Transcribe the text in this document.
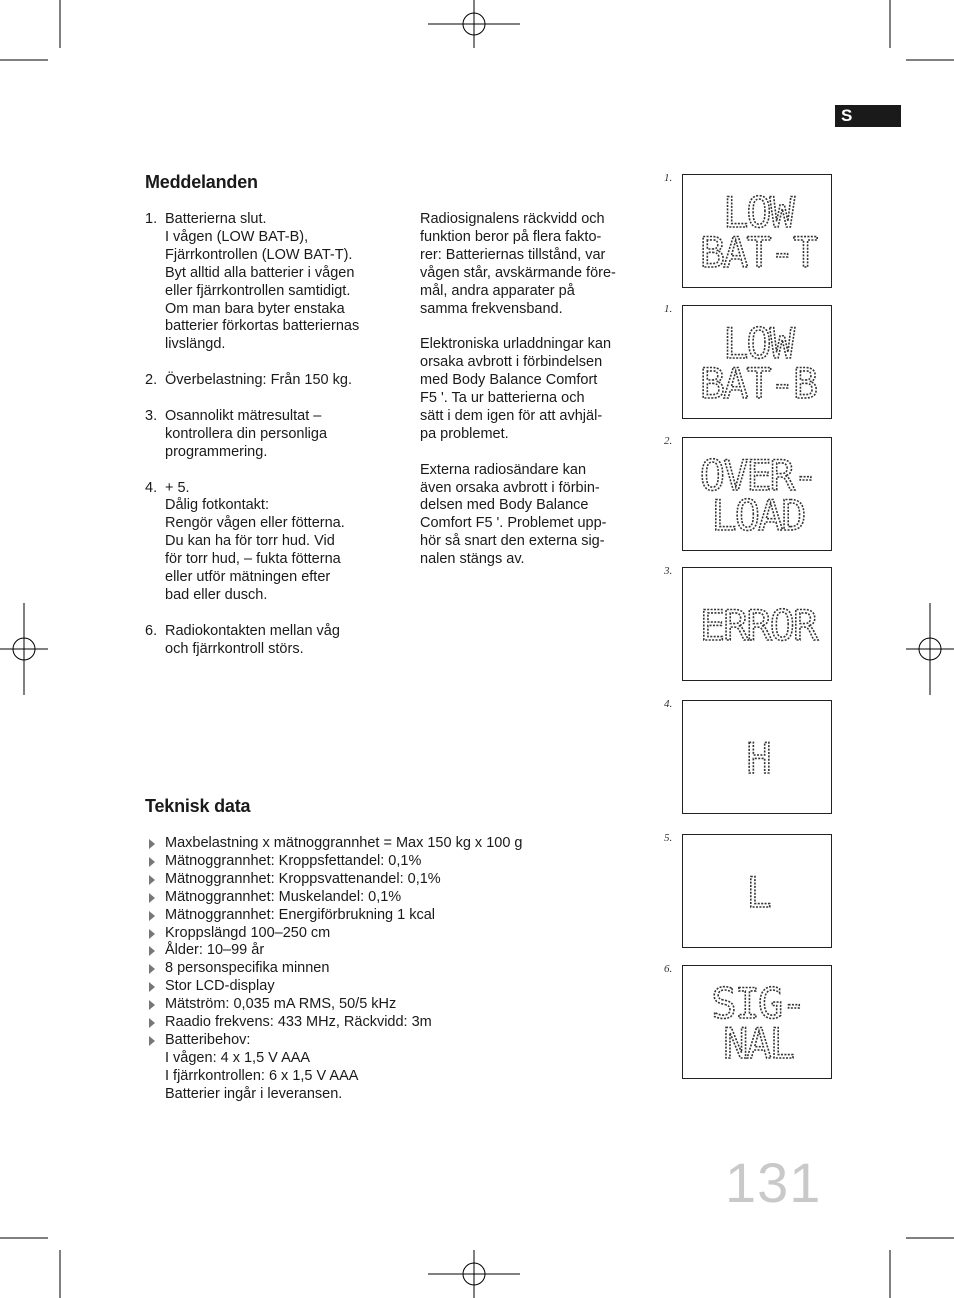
S
Meddelanden
1. Batterierna slut.
I vågen (LOW BAT-B),
Fjärrkontrollen (LOW BAT-T).
Byt alltid alla batterier i vågen
eller fjärrkontrollen samtidigt.
Om man bara byter enstaka
batterier förkortas batteriernas
livslängd.
2. Överbelastning: Från 150 kg.
3. Osannolikt mätresultat –
kontrollera din personliga
programmering.
4. + 5.
Dålig fotkontakt:
Rengör vågen eller fötterna.
Du kan ha för torr hud. Vid
för torr hud, – fukta fötterna
eller utför mätningen efter
bad eller dusch.
6. Radiokontakten mellan våg
och fjärrkontroll störs.

Radiosignalens räckvidd och
funktion beror på flera fakto-
rer: Batteriernas tillstånd, var
vågen står, avskärmande före-
mål, andra apparater på
samma frekvensband.

Elektroniska urladdningar kan
orsaka avbrott i förbindelsen
med Body Balance Comfort
F5 '. Ta ur batterierna och
sätt i dem igen för att avhjäl-
pa problemet.

Externa radiosändare kan
även orsaka avbrott i förbin-
delsen med Body Balance
Comfort F5 '. Problemet upp-
hör så snart den externa sig-
nalen stängs av.

Teknisk data
Maxbelastning x mätnoggrannhet = Max 150 kg x 100 g
Mätnoggrannhet: Kroppsfettandel: 0,1%
Mätnoggrannhet: Kroppsvattenandel: 0,1%
Mätnoggrannhet: Muskelandel: 0,1%
Mätnoggrannhet: Energiförbrukning 1 kcal
Kroppslängd 100–250 cm
Ålder: 10–99 år
8 personspecifika minnen
Stor LCD-display
Mätström: 0,035 mA RMS, 50/5 kHz
Raadio frekvens: 433 MHz, Räckvidd: 3m
Batteribehov:
I vågen: 4 x 1,5 V AAA
I fjärrkontrollen: 6 x 1,5 V AAA
Batterier ingår i leveransen.
1.
LOW
BAT-T
1.
LOW
BAT-B
2.
OVER-
LOAD
3.
ERROR
4.
H
5.
L
6.
SIG-
NAL
131
